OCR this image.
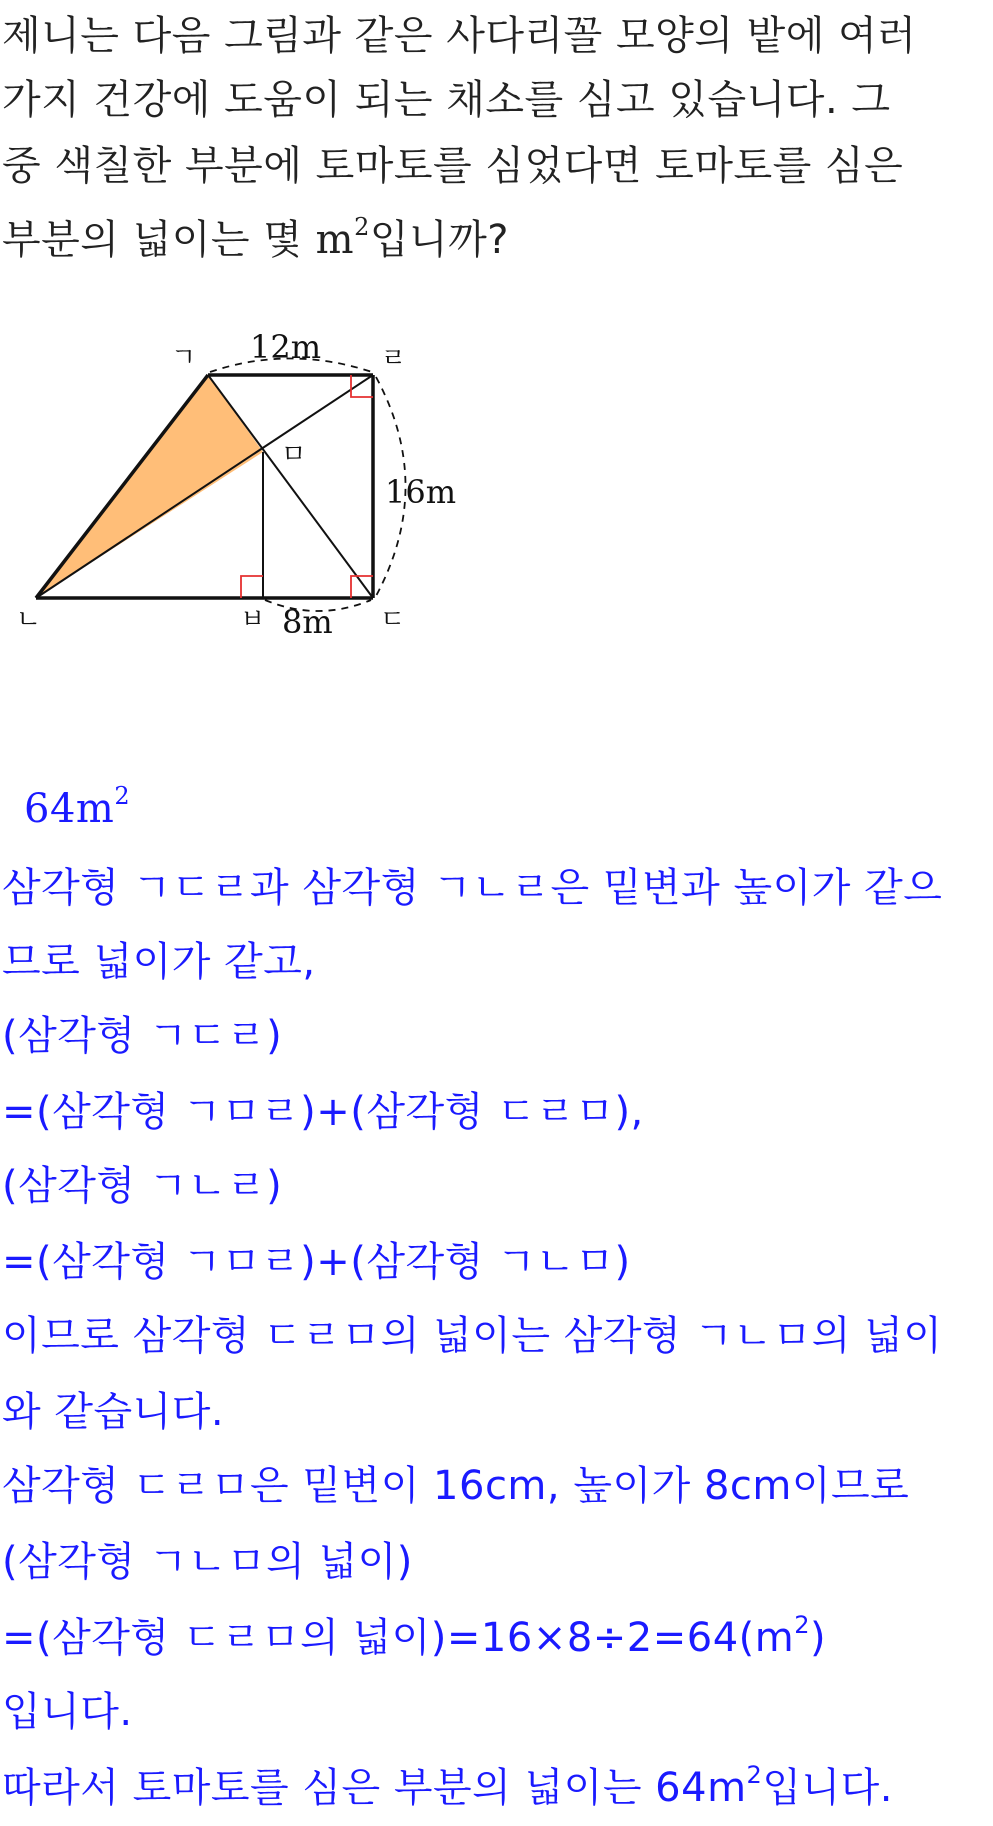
제니는 다음 그림과 같은 사다리꼴 모양의 밭에 여러
가지 건강에 도움이 되는 채소를 심고 있습니다. 그
중 색칠한 부분에 토마토를 심었다면 토마토를 심은
부분의 넓이는 몇 $m^2$입니까?
ㄱ	ㄹ
ㅁ
ㄴ	ㅂ	ㄷ
12m
16m
8m
$64m^2$
삼각형 ㄱㄷㄹ과 삼각형 ㄱㄴㄹ은 밑변과 높이가 같으
므로 넓이가 같고,
(삼각형 ㄱㄷㄹ)
=(삼각형 ㄱㅁㄹ)+(삼각형 ㄷㄹㅁ),
(삼각형 ㄱㄴㄹ)
=(삼각형 ㄱㅁㄹ)+(삼각형 ㄱㄴㅁ)
이므로 삼각형 ㄷㄹㅁ의 넓이는 삼각형 ㄱㄴㅁ의 넓이
와 같습니다.
삼각형 ㄷㄹㅁ은 밑변이 16cm, 높이가 8cm이므로
(삼각형 ㄱㄴㅁ의 넓이)
=(삼각형 ㄷㄹㅁ의 넓이)$=16\times 8\div 2=64(m^2)$
입니다.
따라서 토마토를 심은 부분의 넓이는 $64m^2$입니다.
